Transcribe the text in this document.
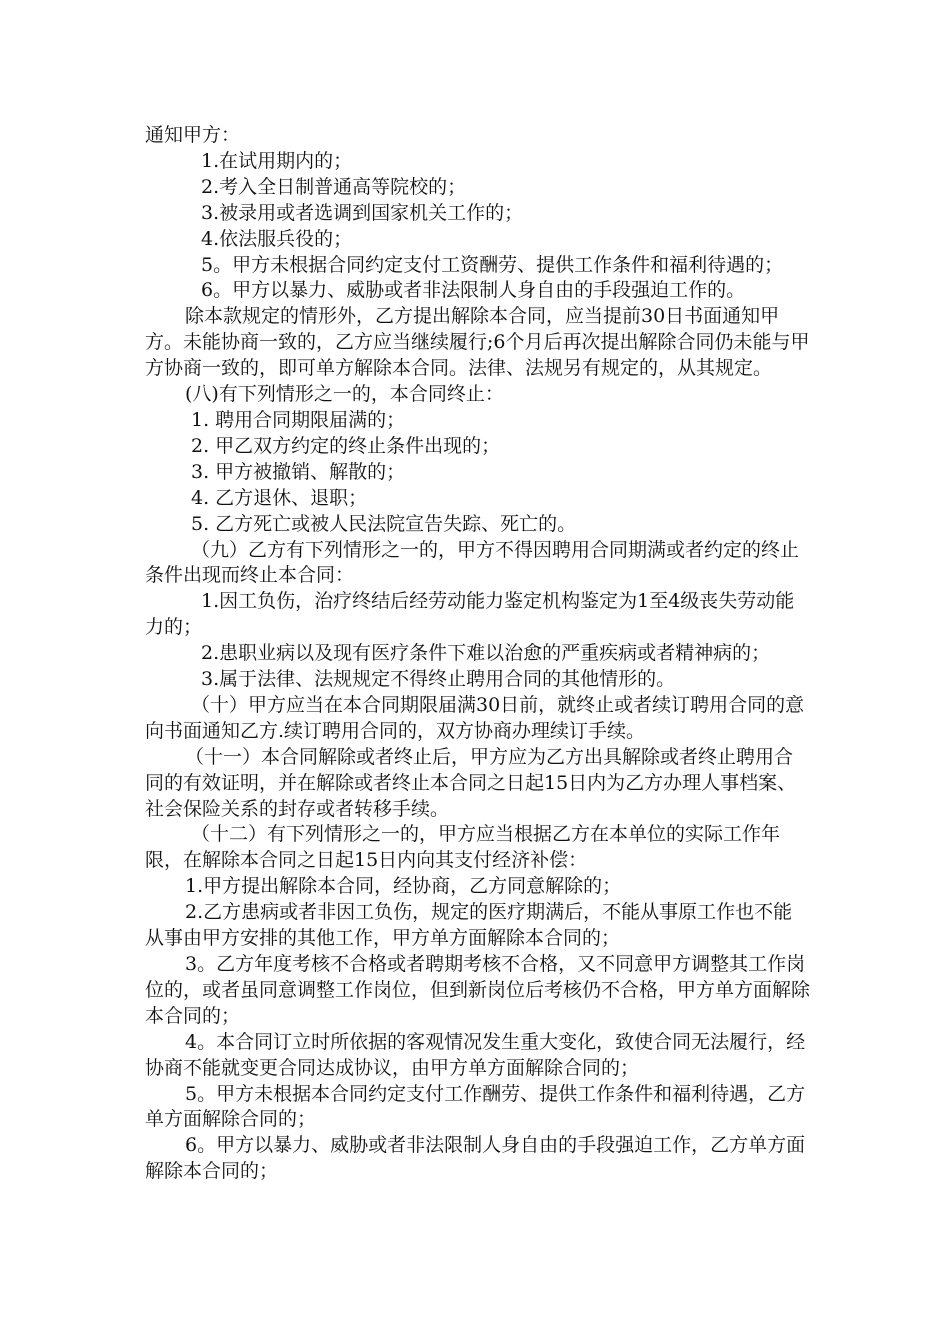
通知甲方：

1.在试用期内的；

2.考入全日制普通高等院校的；

3.被录用或者选调到国家机关工作的；

4.依法服兵役的；

5。甲方未根据合同约定支付工资酬劳、提供工作条件和福利待遇的；

6。甲方以暴力、威胁或者非法限制人身自由的手段强迫工作的。

除本款规定的情形外，乙方提出解除本合同，应当提前30日书面通知甲方。未能协商一致的，乙方应当继续履行;6个月后再次提出解除合同仍未能与甲方协商一致的，即可单方解除本合同。法律、法规另有规定的，从其规定。

(八)有下列情形之一的，本合同终止：

1. 聘用合同期限届满的；

2. 甲乙双方约定的终止条件出现的；

3. 甲方被撤销、解散的；

4. 乙方退休、退职；

5. 乙方死亡或被人民法院宣告失踪、死亡的。

（九）乙方有下列情形之一的，甲方不得因聘用合同期满或者约定的终止条件出现而终止本合同：

1.因工负伤，治疗终结后经劳动能力鉴定机构鉴定为1至4级丧失劳动能力的；

2.患职业病以及现有医疗条件下难以治愈的严重疾病或者精神病的；

3.属于法律、法规规定不得终止聘用合同的其他情形的。

（十）甲方应当在本合同期限届满30日前，就终止或者续订聘用合同的意向书面通知乙方.续订聘用合同的，双方协商办理续订手续。

（十一）本合同解除或者终止后，甲方应为乙方出具解除或者终止聘用合同的有效证明，并在解除或者终止本合同之日起15日内为乙方办理人事档案、社会保险关系的封存或者转移手续。

（十二）有下列情形之一的，甲方应当根据乙方在本单位的实际工作年限，在解除本合同之日起15日内向其支付经济补偿：

1.甲方提出解除本合同，经协商，乙方同意解除的；

2.乙方患病或者非因工负伤，规定的医疗期满后，不能从事原工作也不能从事由甲方安排的其他工作，甲方单方面解除本合同的；

3。乙方年度考核不合格或者聘期考核不合格，又不同意甲方调整其工作岗位的，或者虽同意调整工作岗位，但到新岗位后考核仍不合格，甲方单方面解除本合同的；

4。本合同订立时所依据的客观情况发生重大变化，致使合同无法履行，经协商不能就变更合同达成协议，由甲方单方面解除合同的；

5。甲方未根据本合同约定支付工作酬劳、提供工作条件和福利待遇，乙方单方面解除合同的；

6。甲方以暴力、威胁或者非法限制人身自由的手段强迫工作，乙方单方面解除本合同的；
